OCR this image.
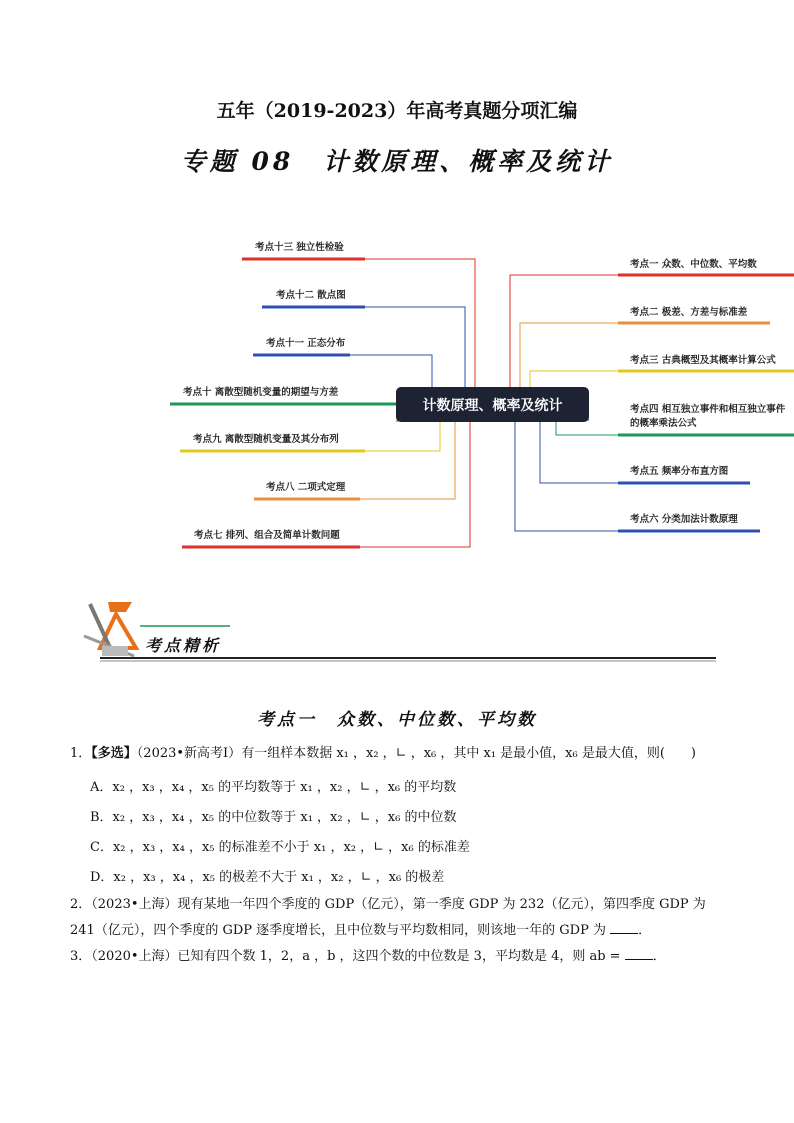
五年（2019-2023）年高考真题分项汇编
专题 08　计数原理、概率及统计
考点十三 独立性检验
考点十二 散点图
考点十一 正态分布
考点十 离散型随机变量的期望与方差
考点九 离散型随机变量及其分布列
考点八 二项式定理
考点七 排列、组合及简单计数问题
计数原理、概率及统计
考点一 众数、中位数、平均数
考点二 极差、方差与标准差
考点三 古典概型及其概率计算公式
考点四 相互独立事件和相互独立事件
的概率乘法公式
考点五 频率分布直方图
考点六 分类加法计数原理
考点精析
考点一　众数、中位数、平均数
1．【多选】（2023•新高考Ⅰ）有一组样本数据 x₁ ，x₂ ，∟ ，x₆ ，其中 x₁ 是最小值，x₆ 是最大值，则(　　)
A．x₂ ，x₃ ，x₄ ，x₅ 的平均数等于 x₁ ，x₂ ，∟ ，x₆ 的平均数
B．x₂ ，x₃ ，x₄ ，x₅ 的中位数等于 x₁ ，x₂ ，∟ ，x₆ 的中位数
C．x₂ ，x₃ ，x₄ ，x₅ 的标准差不小于 x₁ ，x₂ ，∟ ，x₆ 的标准差
D．x₂ ，x₃ ，x₄ ，x₅ 的极差不大于 x₁ ，x₂ ，∟ ，x₆ 的极差
2．（2023•上海）现有某地一年四个季度的 GDP（亿元），第一季度 GDP 为 232（亿元），第四季度 GDP 为
241（亿元），四个季度的 GDP 逐季度增长，且中位数与平均数相同，则该地一年的 GDP 为 ．
3．（2020•上海）已知有四个数 1，2，a ，b ，这四个数的中位数是 3，平均数是 4，则 ab = ．
